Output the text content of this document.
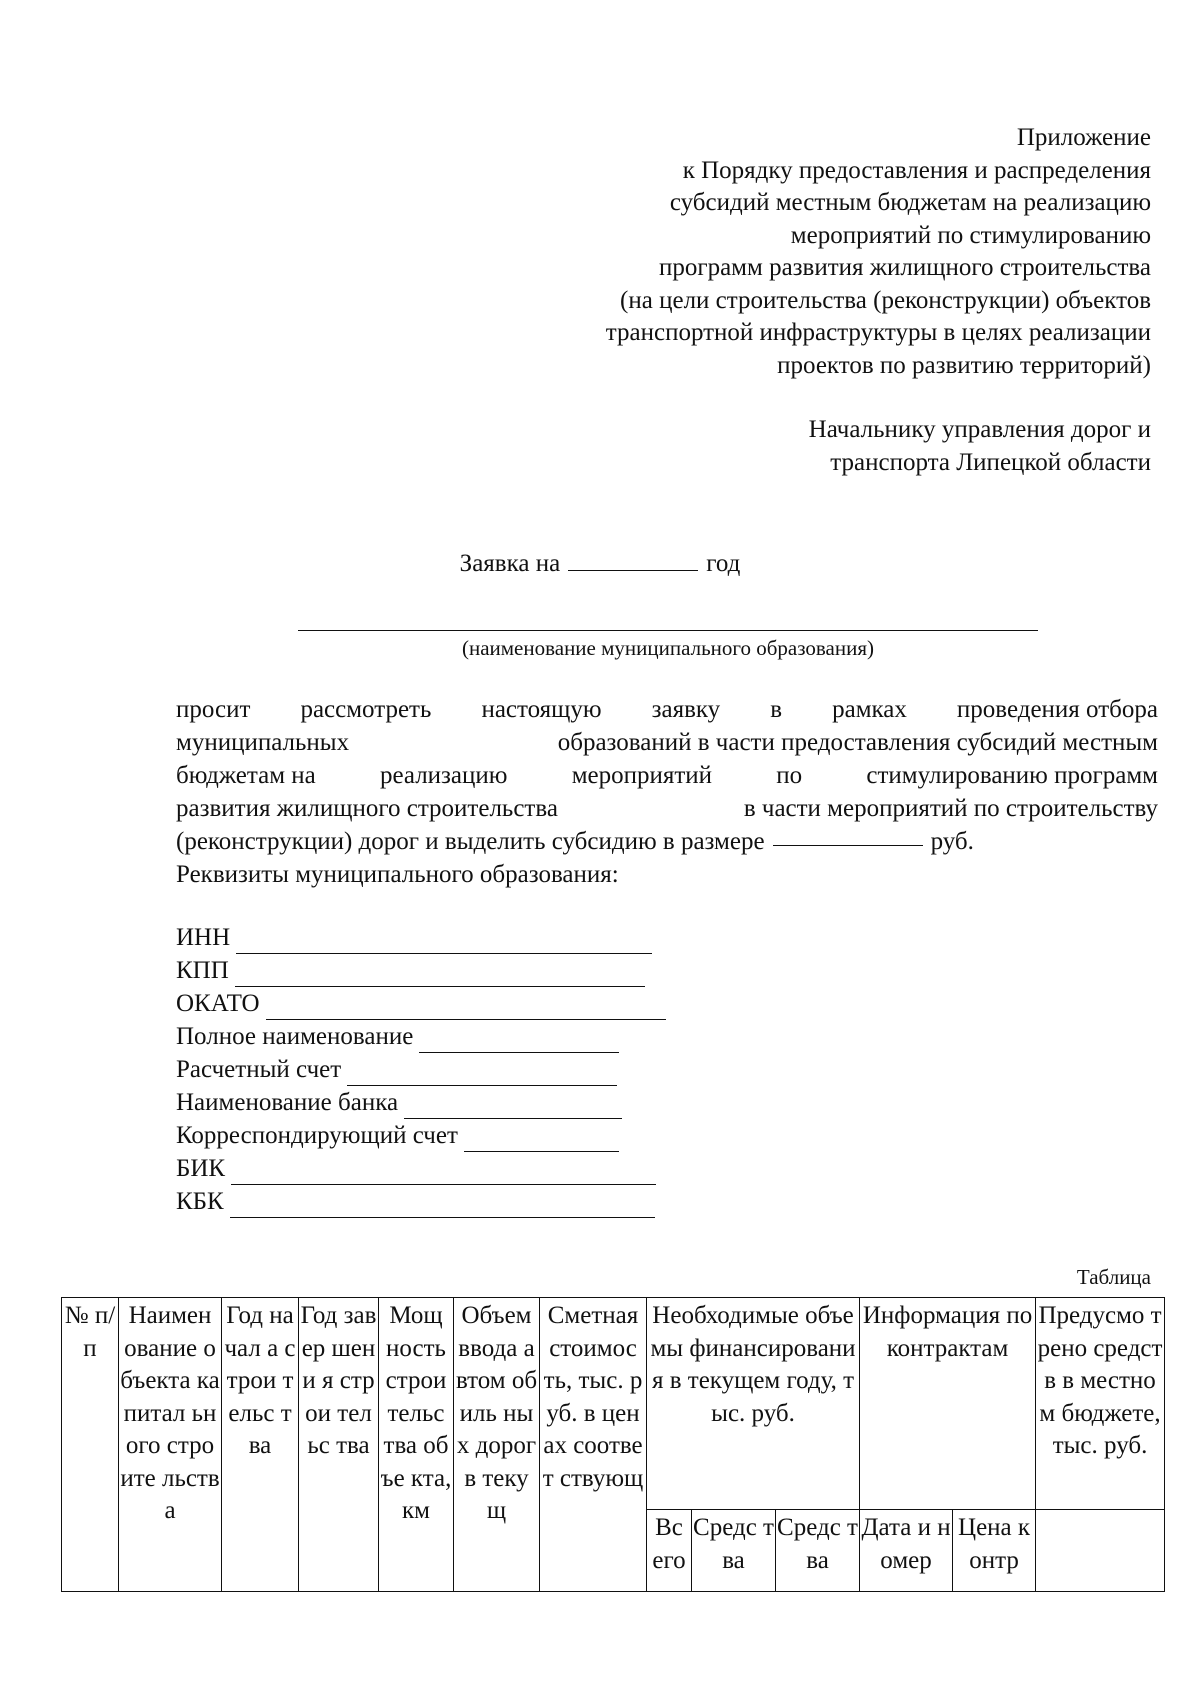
Приложение
к Порядку предоставления и распределения
субсидий местным бюджетам на реализацию
мероприятий по стимулированию
программ развития жилищного строительства
(на цели строительства (реконструкции) объектов
транспортной инфраструктуры в целях реализации
проектов по развитию территорий)
Начальнику управления дорог и
транспорта Липецкой области
Заявка на	год
(наименование муниципального образования)
просит рассмотреть настоящую заявку в рамках проведения отбора
муниципальных	образований в части предоставления субсидий местным
бюджетам на	реализацию	мероприятий	по	стимулированию программ
развития жилищного строительства	в части мероприятий по строительству
(реконструкции) дорог и выделить субсидию в размере	руб.
Реквизиты муниципального образования:
ИНН
КПП
ОКАТО
Полное наименование
Расчетный счет
Наименование банка
Корреспондирующий счет
БИК
КБК
Таблица
№ п/п	Наимен ование объекта капитал ьного строите льства	Год начал а строи тельс тва	Год завер шени я строи тельс тва	Мощ ность строи тельс тва объе кта, км	Объем ввода автом обиль ных дорог в текущ	Сметная стоимос ть, тыс. руб. в ценах соответ ствующ	Необходимые объемы финансирования в текущем году, тыс. руб.			Информация по контрактам		Предусмо трено средств в местном бюджете, тыс. руб.
							Вс его	Средс тва	Средс тва	Дата и номер	Цена контр	
